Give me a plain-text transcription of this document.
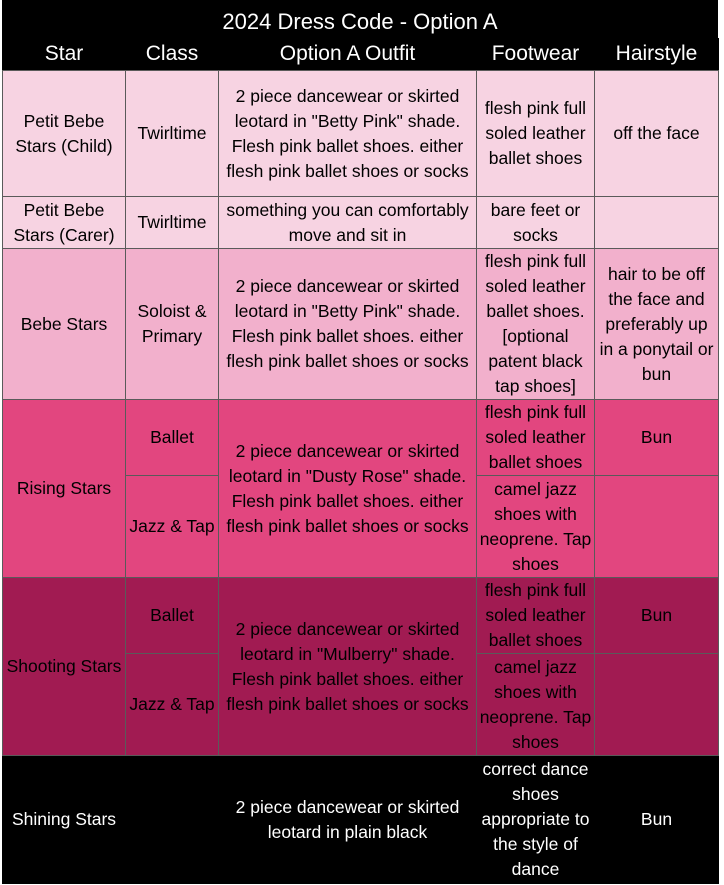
2024 Dress Code - Option A
Star	Class	Option A Outfit	Footwear	Hairstyle
Petit Bebe Stars (Child)	Twirltime	2 piece dancewear or skirted leotard in "Betty Pink" shade. Flesh pink ballet shoes. either flesh pink ballet shoes or socks	flesh pink full soled leather ballet shoes	off the face
Petit Bebe Stars (Carer)	Twirltime	something you can comfortably move and sit in	bare feet or socks	
Bebe Stars	Soloist & Primary	2 piece dancewear or skirted leotard in "Betty Pink" shade. Flesh pink ballet shoes. either flesh pink ballet shoes or socks	flesh pink full soled leather ballet shoes. [optional patent black tap shoes]	hair to be off the face and preferably up in a ponytail or bun
Rising Stars	Ballet	2 piece dancewear or skirted leotard in "Dusty Rose" shade. Flesh pink ballet shoes. either flesh pink ballet shoes or socks	flesh pink full soled leather ballet shoes	Bun
	Jazz & Tap		camel jazz shoes with neoprene. Tap shoes	
Shooting Stars	Ballet	2 piece dancewear or skirted leotard in "Mulberry" shade. Flesh pink ballet shoes. either flesh pink ballet shoes or socks	flesh pink full soled leather ballet shoes	Bun
	Jazz & Tap		camel jazz shoes with neoprene. Tap shoes	
Shining Stars		2 piece dancewear or skirted leotard in plain black	correct dance shoes appropriate to the style of dance	Bun
